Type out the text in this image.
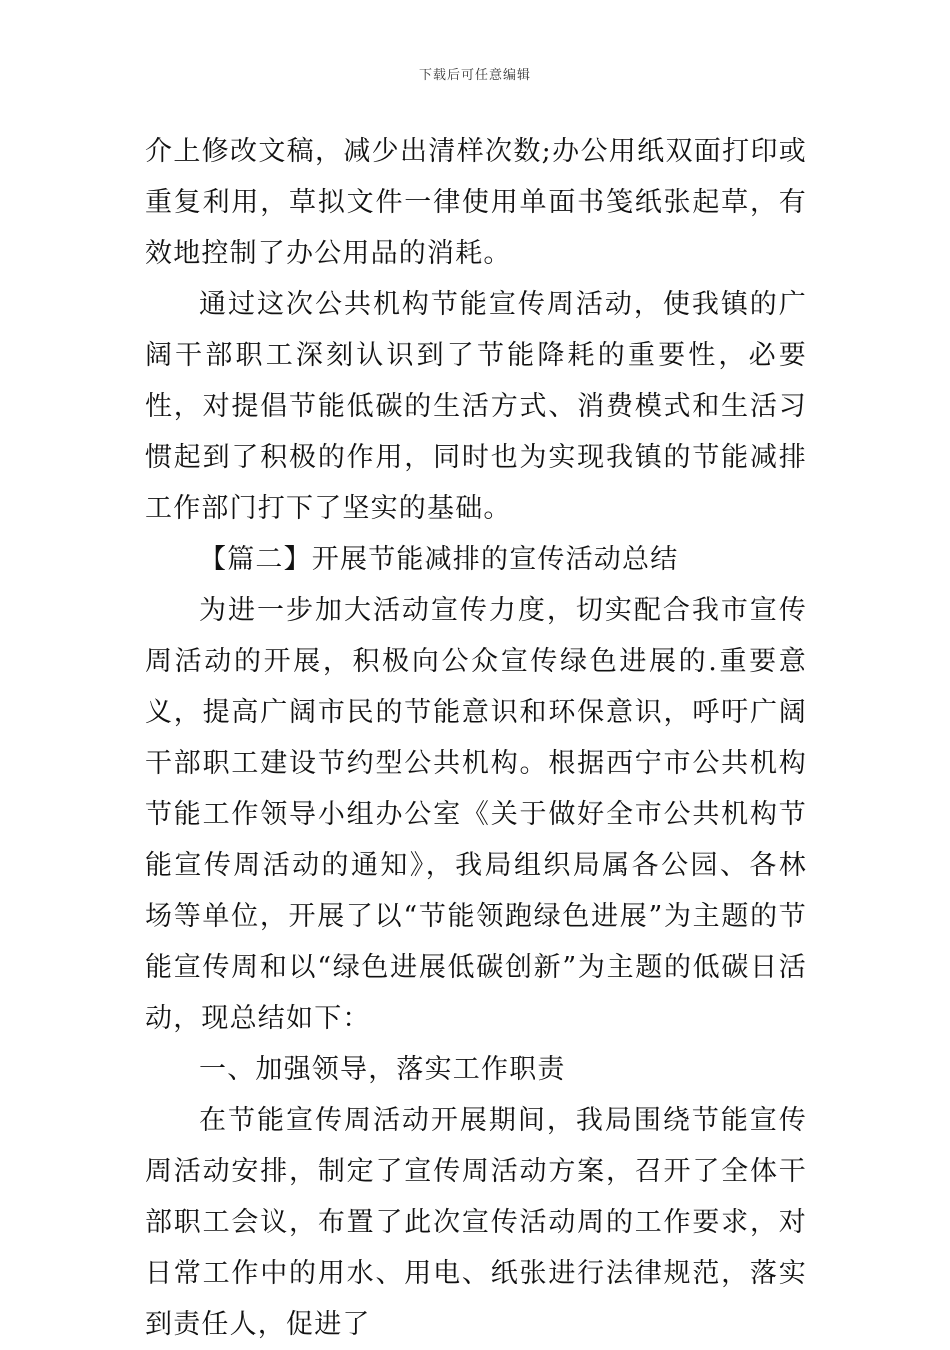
下载后可任意编辑

介上修改文稿，减少出清样次数;办公用纸双面打印或重复利用，草拟文件一律使用单面书笺纸张起草，有效地控制了办公用品的消耗。

通过这次公共机构节能宣传周活动，使我镇的广阔干部职工深刻认识到了节能降耗的重要性，必要性，对提倡节能低碳的生活方式、消费模式和生活习惯起到了积极的作用，同时也为实现我镇的节能减排工作部门打下了坚实的基础。

【篇二】开展节能减排的宣传活动总结

为进一步加大活动宣传力度，切实配合我市宣传周活动的开展，积极向公众宣传绿色进展的.重要意义，提高广阔市民的节能意识和环保意识，呼吁广阔干部职工建设节约型公共机构。根据西宁市公共机构节能工作领导小组办公室《关于做好全市公共机构节能宣传周活动的通知》，我局组织局属各公园、各林场等单位，开展了以“节能领跑绿色进展”为主题的节能宣传周和以“绿色进展低碳创新”为主题的低碳日活动，现总结如下：

一、加强领导，落实工作职责

在节能宣传周活动开展期间，我局围绕节能宣传周活动安排，制定了宣传周活动方案，召开了全体干部职工会议，布置了此次宣传活动周的工作要求，对日常工作中的用水、用电、纸张进行法律规范，落实到责任人，促进了
